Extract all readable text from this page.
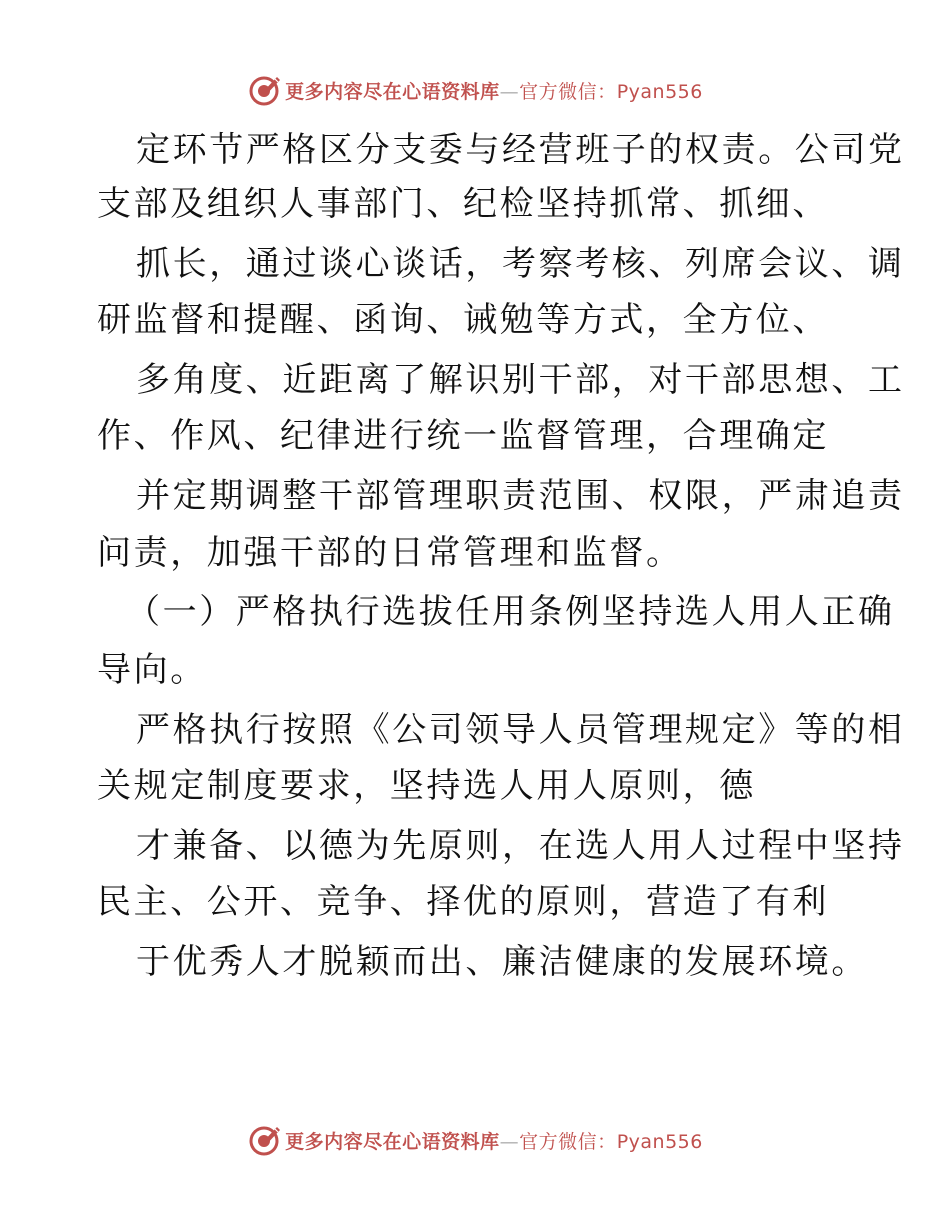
更多内容尽在心语资料库—官方微信：Pyan556
定环节严格区分支委与经营班子的权责。公司党
支部及组织人事部门、纪检坚持抓常、抓细、
抓长，通过谈心谈话，考察考核、列席会议、调
研监督和提醒、函询、诫勉等方式，全方位、
多角度、近距离了解识别干部，对干部思想、工
作、作风、纪律进行统一监督管理，合理确定
并定期调整干部管理职责范围、权限，严肃追责
问责，加强干部的日常管理和监督。
（一）严格执行选拔任用条例坚持选人用人正确
导向。
严格执行按照《公司领导人员管理规定》等的相
关规定制度要求，坚持选人用人原则，德
才兼备、以德为先原则，在选人用人过程中坚持
民主、公开、竞争、择优的原则，营造了有利
于优秀人才脱颖而出、廉洁健康的发展环境。
更多内容尽在心语资料库—官方微信：Pyan556
